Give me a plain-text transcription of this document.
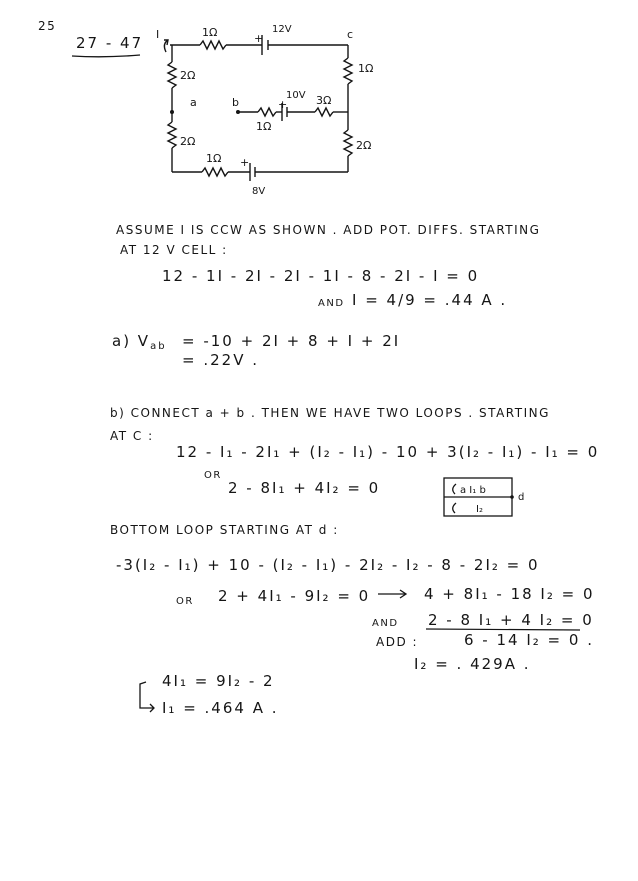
25
27 - 47 I	1Ω	+
12V	c
2Ω
1Ω
a	b
10V
+	3Ω
1Ω
2Ω	2Ω
1Ω +
8V
ASSUME I IS CCW AS SHOWN . ADD POT. DIFFS. STARTING
AT 12 V CELL :
12 - 1I - 2I - 2I - 1I - 8 - 2I - I = 0
AND I = 4/9 = .44 A .
a) $V_{ab} = -10 + 2I + 8 + I + 2I$
= .22V .
b) CONNECT a + b . THEN WE HAVE TWO LOOPS . STARTING
AT C :
12 - I₁ - 2I₁ + (I₂ - I₁) - 10 + 3(I₂ - I₁) - I₁ = 0
OR
2 - 8I₁ + 4I₂ = 0	a I₁ b
I₂
d
BOTTOM LOOP STARTING AT d :
-3(I₂ - I₁) + 10 - (I₂ - I₁) - 2I₂ - I₂ - 8 - 2I₂ = 0
OR 2 + 4I₁ - 9I₂ = 0	4 + 8I₁ - 18 I₂ = 0
AND 2 - 8 I₁ + 4 I₂ = 0
ADD :	6 - 14 I₂ = 0 .
I₂ = . 429A .
4I₁ = 9I₂ - 2
I₁ = .464 A .
